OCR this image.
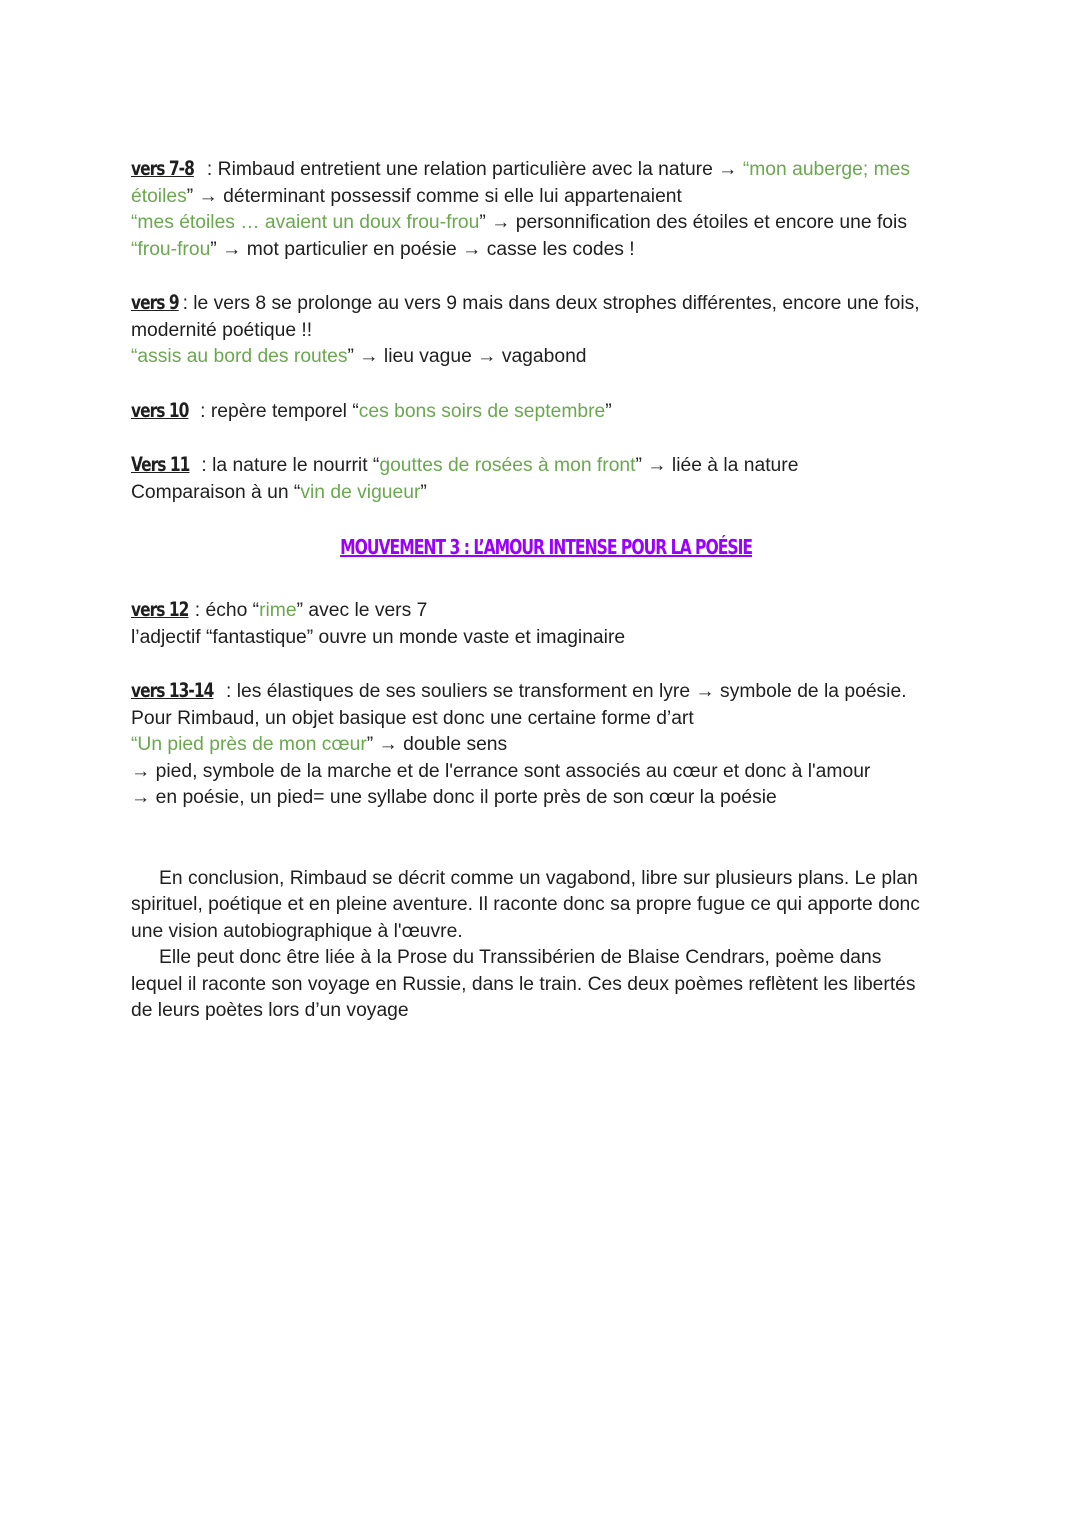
vers 7-8 : Rimbaud entretient une relation particulière avec la nature → “mon auberge; mes
étoiles” → déterminant possessif comme si elle lui appartenaient
“mes étoiles … avaient un doux frou-frou” → personnification des étoiles et encore une fois
“frou-frou” → mot particulier en poésie → casse les codes !
vers 9: le vers 8 se prolonge au vers 9 mais dans deux strophes différentes, encore une fois,
modernité poétique !!
“assis au bord des routes” → lieu vague → vagabond
vers 10 : repère temporel “ces bons soirs de septembre”
Vers 11 : la nature le nourrit “gouttes de rosées à mon front” → liée à la nature
Comparaison à un “vin de vigueur”
MOUVEMENT 3 : L’AMOUR INTENSE POUR LA POÉSIE
vers 12: écho “rime” avec le vers 7
l’adjectif “fantastique” ouvre un monde vaste et imaginaire
vers 13-14: les élastiques de ses souliers se transforment en lyre → symbole de la poésie.
Pour Rimbaud, un objet basique est donc une certaine forme d’art
“Un pied près de mon cœur” → double sens
→ pied, symbole de la marche et de l'errance sont associés au cœur et donc à l'amour
→ en poésie, un pied= une syllabe donc il porte près de son cœur la poésie

En conclusion, Rimbaud se décrit comme un vagabond, libre sur plusieurs plans. Le plan
spirituel, poétique et en pleine aventure. Il raconte donc sa propre fugue ce qui apporte donc
une vision autobiographique à l'œuvre.

Elle peut donc être liée à la Prose du Transsibérien de Blaise Cendrars, poème dans
lequel il raconte son voyage en Russie, dans le train. Ces deux poèmes reflètent les libertés
de leurs poètes lors d’un voyage
